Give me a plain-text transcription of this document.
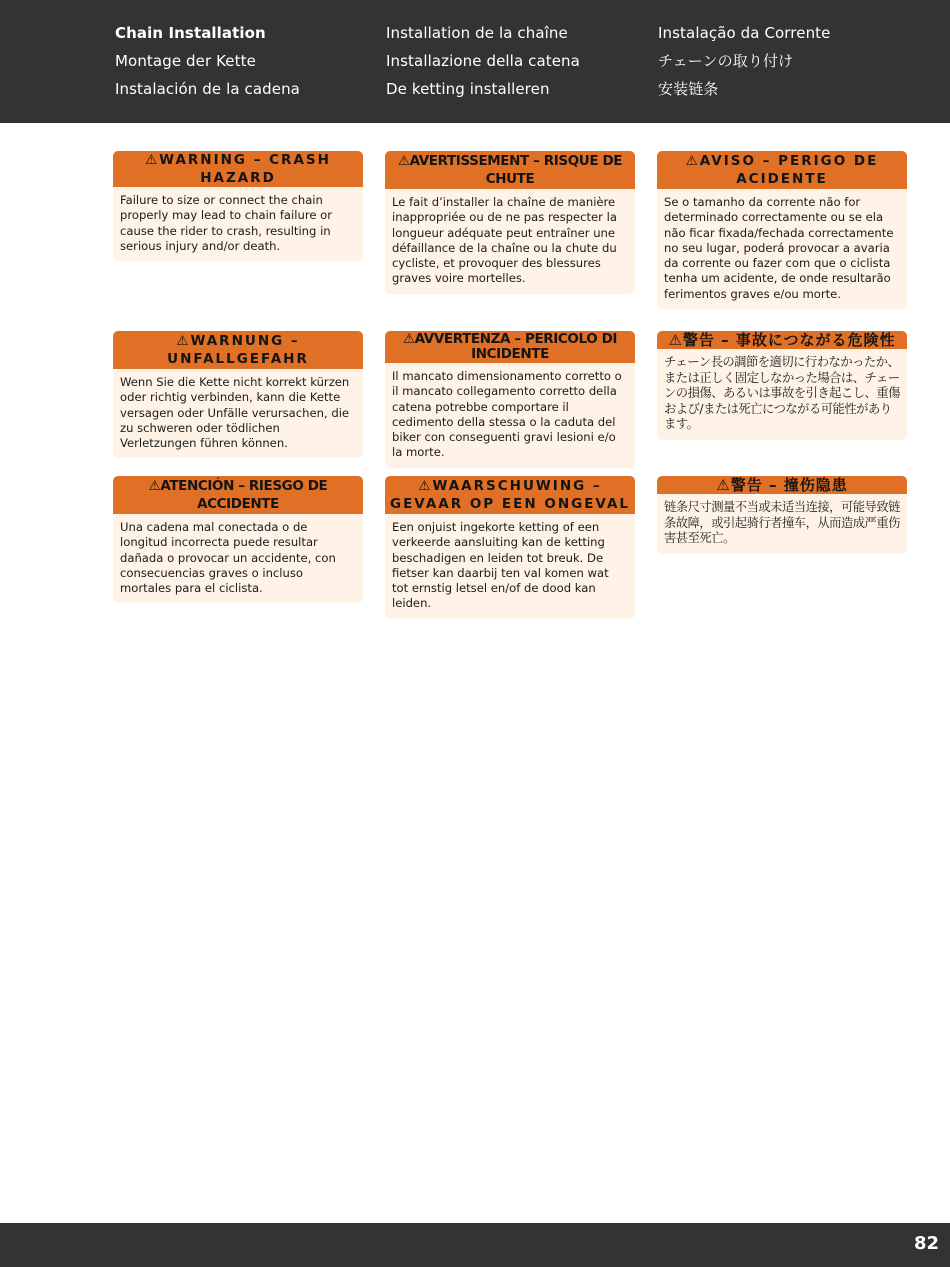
Chain Installation
Montage der Kette
Instalación de la cadena
Installation de la chaîne
Installazione della catena
De ketting installeren
Instalação da Corrente
チェーンの取り付け
安装链条
⚠WARNING – CRASH HAZARD
Failure to size or connect the chain properly may lead to chain failure or cause the rider to crash, resulting in serious injury and/or death.
⚠AVERTISSEMENT – RISQUE DE CHUTE
Le fait d’installer la chaîne de manière inappropriée ou de ne pas respecter la longueur adéquate peut entraîner une défaillance de la chaîne ou la chute du cycliste, et provoquer des blessures graves voire mortelles.
⚠AVISO – PERIGO DE ACIDENTE
Se o tamanho da corrente não for determinado correctamente ou se ela não ficar fixada/fechada correctamente no seu lugar, poderá provocar a avaria da corrente ou fazer com que o ciclista tenha um acidente, de onde resultarão ferimentos graves e/ou morte.
⚠WARNUNG – UNFALLGEFAHR
Wenn Sie die Kette nicht korrekt kürzen oder richtig verbinden, kann die Kette versagen oder Unfälle verursachen, die zu schweren oder tödlichen Verletzungen führen können.
⚠AVVERTENZA – PERICOLO DI INCIDENTE
Il mancato dimensionamento corretto o il mancato collegamento corretto della catena potrebbe comportare il cedimento della stessa o la caduta del biker con conseguenti gravi lesioni e/o la morte.
⚠警告 – 事故につながる危険性
チェーン長の調節を適切に行わなかったか、または正しく固定しなかった場合は、チェーンの損傷、あるいは事故を引き起こし、重傷および/または死亡につながる可能性があります。
⚠ATENCIÓN – RIESGO DE ACCIDENTE
Una cadena mal conectada o de longitud incorrecta puede resultar dañada o provocar un accidente, con consecuencias graves o incluso mortales para el ciclista.
⚠WAARSCHUWING – GEVAAR OP EEN ONGEVAL
Een onjuist ingekorte ketting of een verkeerde aansluiting kan de ketting beschadigen en leiden tot breuk. De fietser kan daarbij ten val komen wat tot ernstig letsel en/of de dood kan leiden.
⚠警告 – 撞伤隐患
链条尺寸测量不当或未适当连接，可能导致链条故障，或引起骑行者撞车，从而造成严重伤害甚至死亡。
82
